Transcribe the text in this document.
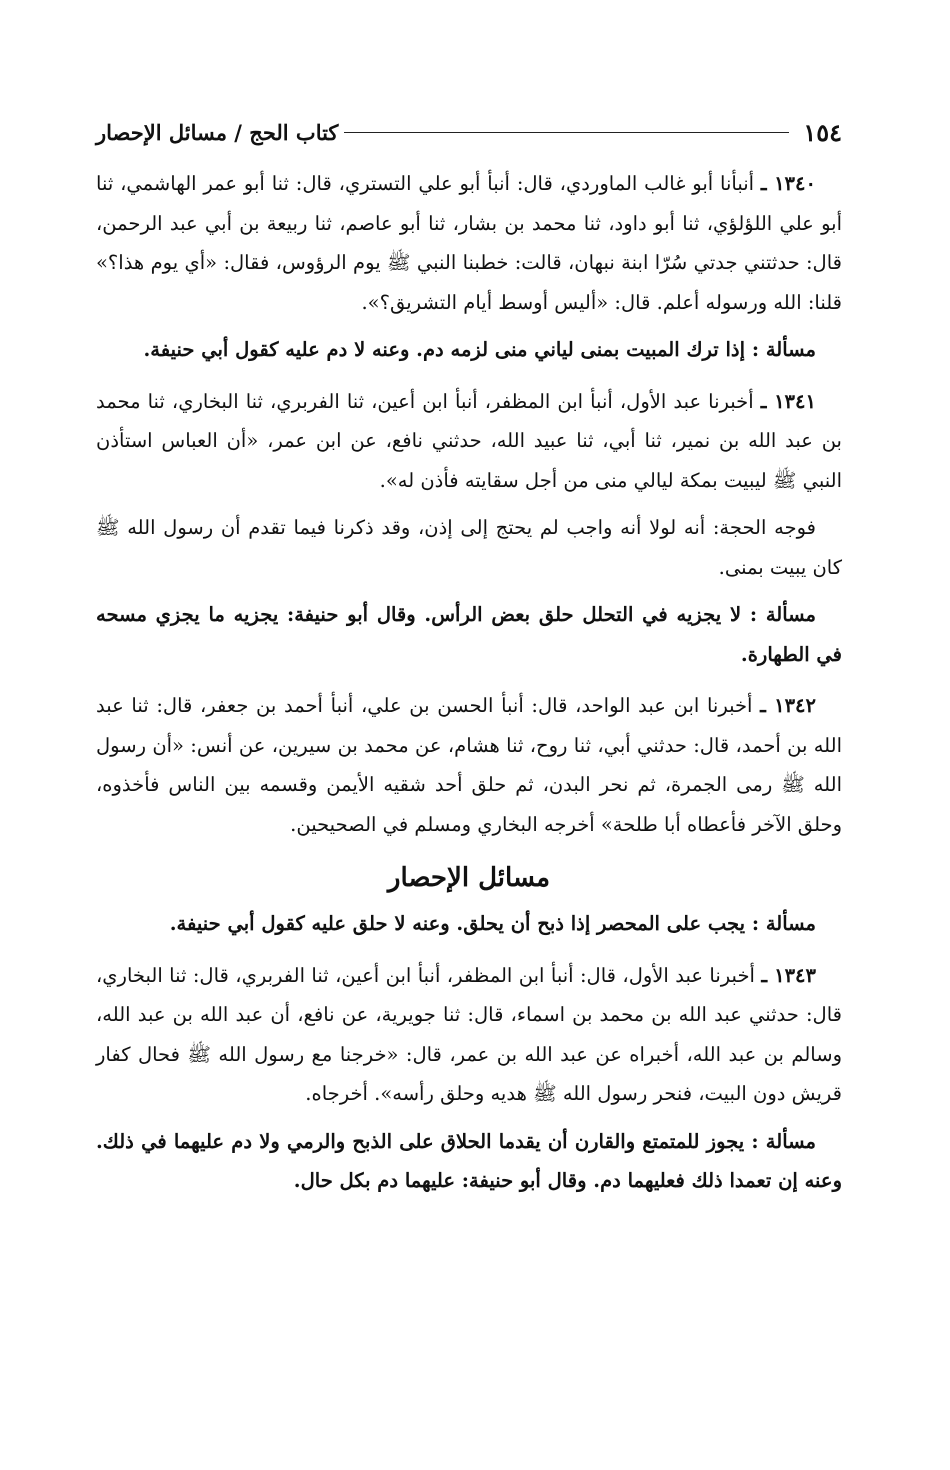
١٥٤
كتاب الحج / مسائل الإحصار

١٣٤٠ ـ أنبأنا أبو غالب الماوردي، قال: أنبأ أبو علي التستري، قال: ثنا أبو عمر الهاشمي، ثنا أبو علي اللؤلؤي، ثنا أبو داود، ثنا محمد بن بشار، ثنا أبو عاصم، ثنا ربيعة بن أبي عبد الرحمن، قال: حدثتني جدتي سُرّا ابنة نبهان، قالت: خطبنا النبي ﷺ يوم الرؤوس، فقال: «أي يوم هذا؟» قلنا: الله ورسوله أعلم. قال: «أليس أوسط أيام التشريق؟».

مسألة : إذا ترك المبيت بمنى لياني منى لزمه دم. وعنه لا دم عليه كقول أبي حنيفة.

١٣٤١ ـ أخبرنا عبد الأول، أنبأ ابن المظفر، أنبأ ابن أعين، ثنا الفربري، ثنا البخاري، ثنا محمد بن عبد الله بن نمير، ثنا أبي، ثنا عبيد الله، حدثني نافع، عن ابن عمر، «أن العباس استأذن النبي ﷺ ليبيت بمكة ليالي منى من أجل سقايته فأذن له».

فوجه الحجة: أنه لولا أنه واجب لم يحتج إلى إذن، وقد ذكرنا فيما تقدم أن رسول الله ﷺ كان يبيت بمنى.

مسألة : لا يجزيه في التحلل حلق بعض الرأس. وقال أبو حنيفة: يجزيه ما يجزي مسحه في الطهارة.

١٣٤٢ ـ أخبرنا ابن عبد الواحد، قال: أنبأ الحسن بن علي، أنبأ أحمد بن جعفر، قال: ثنا عبد الله بن أحمد، قال: حدثني أبي، ثنا روح، ثنا هشام، عن محمد بن سيرين، عن أنس: «أن رسول الله ﷺ رمى الجمرة، ثم نحر البدن، ثم حلق أحد شقيه الأيمن وقسمه بين الناس فأخذوه، وحلق الآخر فأعطاه أبا طلحة» أخرجه البخاري ومسلم في الصحيحين.

مسائل الإحصار

مسألة : يجب على المحصر إذا ذبح أن يحلق. وعنه لا حلق عليه كقول أبي حنيفة.

١٣٤٣ ـ أخبرنا عبد الأول، قال: أنبأ ابن المظفر، أنبأ ابن أعين، ثنا الفربري، قال: ثنا البخاري، قال: حدثني عبد الله بن محمد بن اسماء، قال: ثنا جويرية، عن نافع، أن عبد الله بن عبد الله، وسالم بن عبد الله، أخبراه عن عبد الله بن عمر، قال: «خرجنا مع رسول الله ﷺ فحال كفار قريش دون البيت، فنحر رسول الله ﷺ هديه وحلق رأسه». أخرجاه.

مسألة : يجوز للمتمتع والقارن أن يقدما الحلاق على الذبح والرمي ولا دم عليهما في ذلك. وعنه إن تعمدا ذلك فعليهما دم. وقال أبو حنيفة: عليهما دم بكل حال.
